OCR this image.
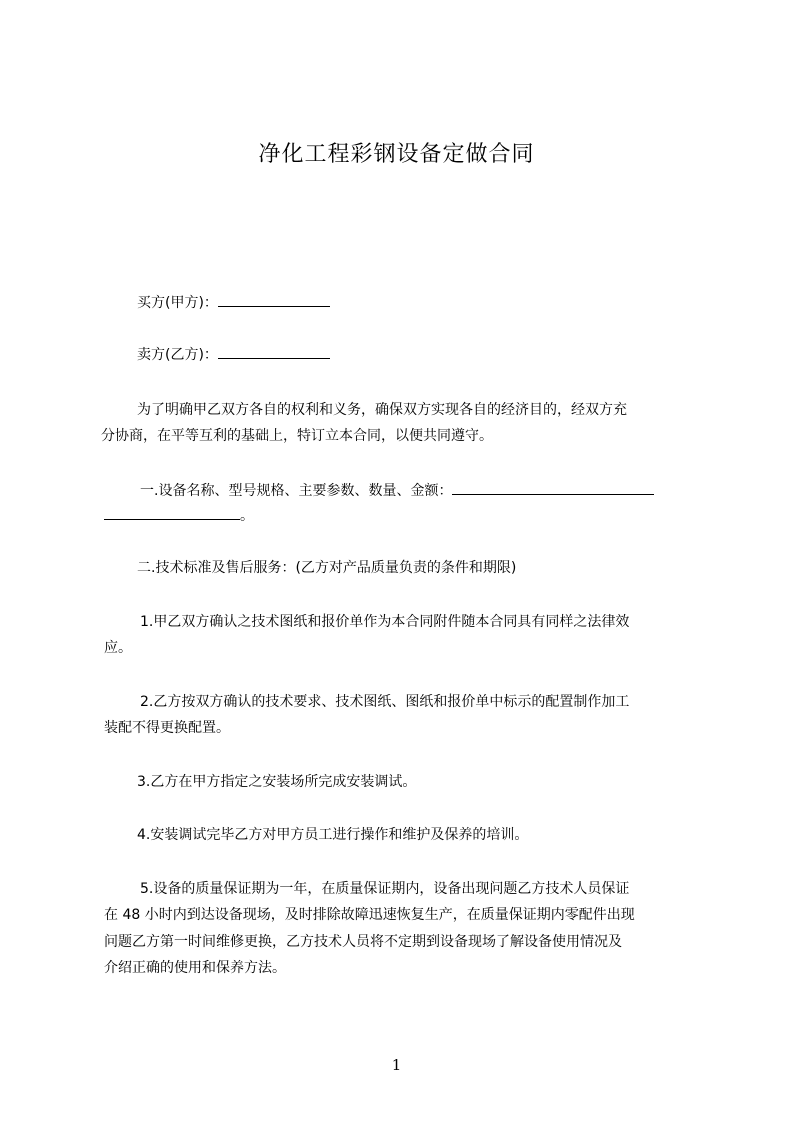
净化工程彩钢设备定做合同
买方(甲方)：
卖方(乙方)：
为了明确甲乙双方各自的权利和义务，确保双方实现各自的经济目的，经双方充
分协商，在平等互利的基础上，特订立本合同，以便共同遵守。
一.设备名称、型号规格、主要参数、数量、金额：
。
二.技术标准及售后服务：(乙方对产品质量负责的条件和期限)
1.甲乙双方确认之技术图纸和报价单作为本合同附件随本合同具有同样之法律效
应。
2.乙方按双方确认的技术要求、技术图纸、图纸和报价单中标示的配置制作加工
装配不得更换配置。
3.乙方在甲方指定之安装场所完成安装调试。
4.安装调试完毕乙方对甲方员工进行操作和维护及保养的培训。
5.设备的质量保证期为一年，在质量保证期内，设备出现问题乙方技术人员保证
在 48 小时内到达设备现场，及时排除故障迅速恢复生产，在质量保证期内零配件出现
问题乙方第一时间维修更换，乙方技术人员将不定期到设备现场了解设备使用情况及
介绍正确的使用和保养方法。
1
